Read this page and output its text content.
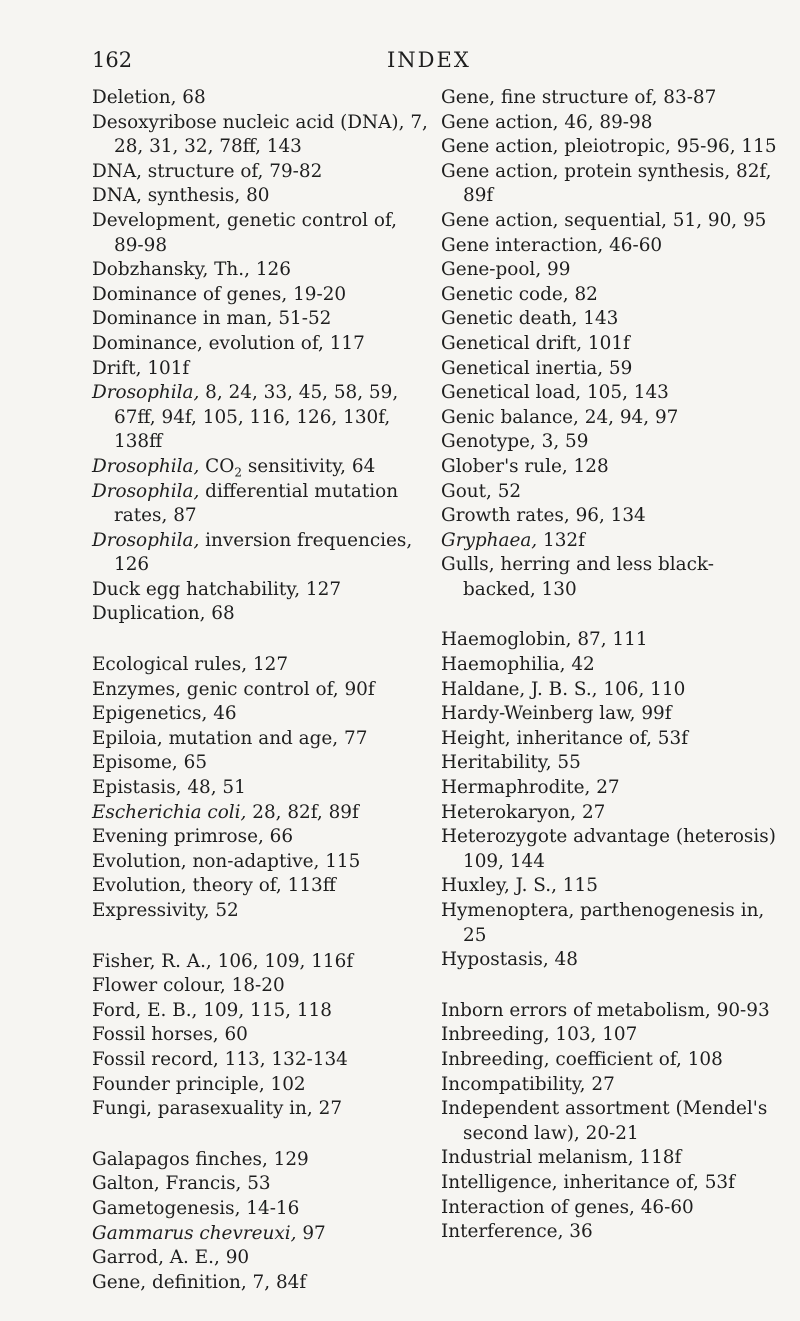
162	INDEX
Deletion, 68
Desoxyribose nucleic acid (DNA), 7, 28, 31, 32, 78ff, 143
DNA, structure of, 79-82
DNA, synthesis, 80
Development, genetic control of, 89-98
Dobzhansky, Th., 126
Dominance of genes, 19-20
Dominance in man, 51-52
Dominance, evolution of, 117
Drift, 101f
Drosophila, 8, 24, 33, 45, 58, 59, 67ff, 94f, 105, 116, 126, 130f, 138ff
Drosophila, $CO_2$ sensitivity, 64
Drosophila, differential mutation rates, 87
Drosophila, inversion frequencies, 126
Duck egg hatchability, 127
Duplication, 68
Ecological rules, 127
Enzymes, genic control of, 90f
Epigenetics, 46
Epiloia, mutation and age, 77
Episome, 65
Epistasis, 48, 51
Escherichia coli, 28, 82f, 89f
Evening primrose, 66
Evolution, non-adaptive, 115
Evolution, theory of, 113ff
Expressivity, 52
Fisher, R. A., 106, 109, 116f
Flower colour, 18-20
Ford, E. B., 109, 115, 118
Fossil horses, 60
Fossil record, 113, 132-134
Founder principle, 102
Fungi, parasexuality in, 27
Galapagos finches, 129
Galton, Francis, 53
Gametogenesis, 14-16
Gammarus chevreuxi, 97
Garrod, A. E., 90
Gene, definition, 7, 84f
Gene, fine structure of, 83-87
Gene action, 46, 89-98
Gene action, pleiotropic, 95-96, 115
Gene action, protein synthesis, 82f, 89f
Gene action, sequential, 51, 90, 95
Gene interaction, 46-60
Gene-pool, 99
Genetic code, 82
Genetic death, 143
Genetical drift, 101f
Genetical inertia, 59
Genetical load, 105, 143
Genic balance, 24, 94, 97
Genotype, 3, 59
Glober's rule, 128
Gout, 52
Growth rates, 96, 134
Gryphaea, 132f
Gulls, herring and less black-backed, 130
Haemoglobin, 87, 111
Haemophilia, 42
Haldane, J. B. S., 106, 110
Hardy-Weinberg law, 99f
Height, inheritance of, 53f
Heritability, 55
Hermaphrodite, 27
Heterokaryon, 27
Heterozygote advantage (heterosis) 109, 144
Huxley, J. S., 115
Hymenoptera, parthenogenesis in, 25
Hypostasis, 48
Inborn errors of metabolism, 90-93
Inbreeding, 103, 107
Inbreeding, coefficient of, 108
Incompatibility, 27
Independent assortment (Mendel's second law), 20-21
Industrial melanism, 118f
Intelligence, inheritance of, 53f
Interaction of genes, 46-60
Interference, 36
